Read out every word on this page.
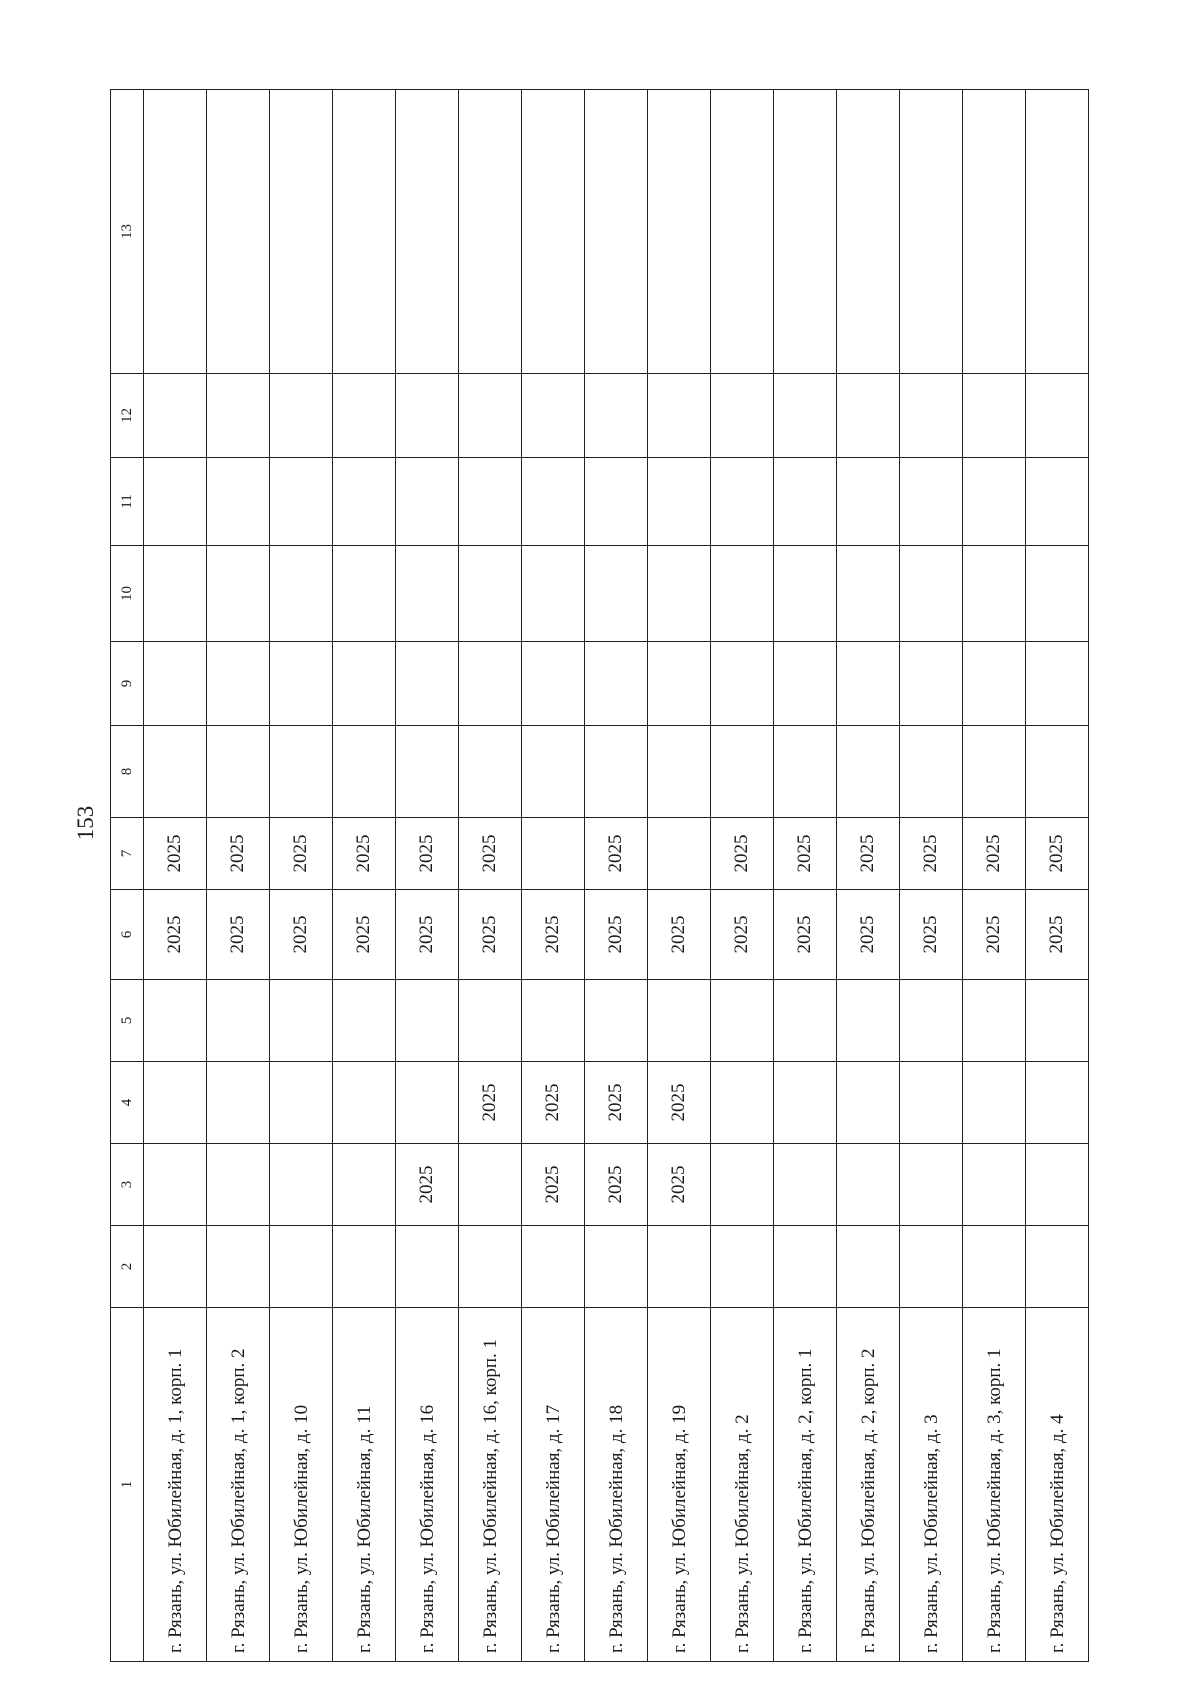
153
1	2	3	4	5	6	7	8	9	10	11	12	13
г. Рязань, ул. Юбилейная, д. 1, корп. 1					2025	2025						
г. Рязань, ул. Юбилейная, д. 1, корп. 2					2025	2025						
г. Рязань, ул. Юбилейная, д. 10					2025	2025						
г. Рязань, ул. Юбилейная, д. 11					2025	2025						
г. Рязань, ул. Юбилейная, д. 16		2025			2025	2025						
г. Рязань, ул. Юбилейная, д. 16, корп. 1			2025		2025	2025						
г. Рязань, ул. Юбилейная, д. 17		2025	2025		2025							
г. Рязань, ул. Юбилейная, д. 18		2025	2025		2025	2025						
г. Рязань, ул. Юбилейная, д. 19		2025	2025		2025							
г. Рязань, ул. Юбилейная, д. 2					2025	2025						
г. Рязань, ул. Юбилейная, д. 2, корп. 1					2025	2025						
г. Рязань, ул. Юбилейная, д. 2, корп. 2					2025	2025						
г. Рязань, ул. Юбилейная, д. 3					2025	2025						
г. Рязань, ул. Юбилейная, д. 3, корп. 1					2025	2025						
г. Рязань, ул. Юбилейная, д. 4					2025	2025						
